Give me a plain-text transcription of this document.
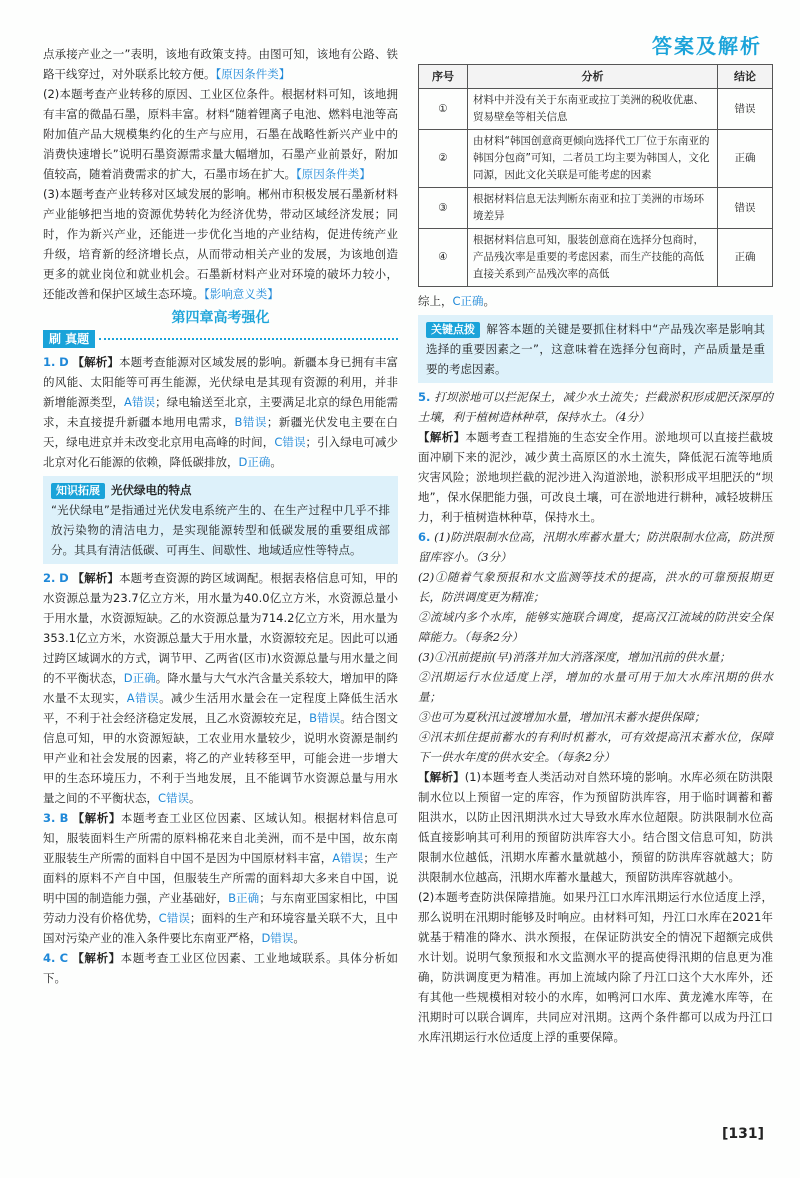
答案及解析

点承接产业之一”表明，该地有政策支持。由图可知，该地有公路、铁路干线穿过，对外联系比较方便。【原因条件类】

(2)本题考查产业转移的原因、工业区位条件。根据材料可知，该地拥有丰富的微晶石墨，原料丰富。材料“随着锂离子电池、燃料电池等高附加值产品大规模集约化的生产与应用，石墨在战略性新兴产业中的消费快速增长”说明石墨资源需求量大幅增加，石墨产业前景好，附加值较高，随着消费需求的扩大，石墨市场在扩大。【原因条件类】

(3)本题考查产业转移对区域发展的影响。郴州市积极发展石墨新材料产业能够把当地的资源优势转化为经济优势，带动区域经济发展；同时，作为新兴产业，还能进一步优化当地的产业结构，促进传统产业升级，培育新的经济增长点，从而带动相关产业的发展，为该地创造更多的就业岗位和就业机会。石墨新材料产业对环境的破坏力较小，还能改善和保护区域生态环境。【影响意义类】

第四章高考强化
刷 真题

1. D 【解析】本题考查能源对区域发展的影响。新疆本身已拥有丰富的风能、太阳能等可再生能源，光伏绿电是其现有资源的利用，并非新增能源类型，A错误；绿电输送至北京，主要满足北京的绿色用能需求，未直接提升新疆本地用电需求，B错误；新疆光伏发电主要在白天，绿电进京并未改变北京用电高峰的时间，C错误；引入绿电可减少北京对化石能源的依赖，降低碳排放，D正确。

知识拓展 光伏绿电的特点

“光伏绿电”是指通过光伏发电系统产生的、在生产过程中几乎不排放污染物的清洁电力，是实现能源转型和低碳发展的重要组成部分。其具有清洁低碳、可再生、间歇性、地域适应性等特点。

2. D 【解析】本题考查资源的跨区域调配。根据表格信息可知，甲的水资源总量为23.7亿立方米，用水量为40.0亿立方米，水资源总量小于用水量，水资源短缺。乙的水资源总量为714.2亿立方米，用水量为353.1亿立方米，水资源总量大于用水量，水资源较充足。因此可以通过跨区域调水的方式，调节甲、乙两省(区市)水资源总量与用水量之间的不平衡状态，D正确。降水量与大气水汽含量关系较大，增加甲的降水量不太现实，A错误。减少生活用水量会在一定程度上降低生活水平，不利于社会经济稳定发展，且乙水资源较充足，B错误。结合图文信息可知，甲的水资源短缺，工农业用水量较少，说明水资源是制约甲产业和社会发展的因素，将乙的产业转移至甲，可能会进一步增大甲的生态环境压力，不利于当地发展，且不能调节水资源总量与用水量之间的不平衡状态，C错误。

3. B 【解析】本题考查工业区位因素、区域认知。根据材料信息可知，服装面料生产所需的原料棉花来自北美洲，而不是中国，故东南亚服装生产所需的面料自中国不是因为中国原材料丰富，A错误；生产面料的原料不产自中国，但服装生产所需的面料却大多来自中国，说明中国的制造能力强，产业基础好，B正确；与东南亚国家相比，中国劳动力没有价格优势，C错误；面料的生产和环境容量关联不大，且中国对污染产业的准入条件要比东南亚严格，D错误。

4. C 【解析】本题考查工业区位因素、工业地域联系。具体分析如下。

序号	分析	结论
①	材料中并没有关于东南亚或拉丁美洲的税收优惠、贸易壁垒等相关信息	错误
②	由材料“韩国创意商更倾向选择代工厂位于东南亚的韩国分包商”可知，二者员工均主要为韩国人，文化同源，因此文化关联是可能考虑的因素	正确
③	根据材料信息无法判断东南亚和拉丁美洲的市场环境差异	错误
④	根据材料信息可知，服装创意商在选择分包商时，产品残次率是重要的考虑因素，而生产技能的高低直接关系到产品残次率的高低	正确

综上，C正确。

关键点拨 解答本题的关键是要抓住材料中“产品残次率是影响其选择的重要因素之一”，这意味着在选择分包商时，产品质量是重要的考虑因素。

5. 打坝淤地可以拦泥保土，减少水土流失；拦截淤积形成肥沃深厚的土壤，利于植树造林种草，保持水土。（4分）

【解析】本题考查工程措施的生态安全作用。淤地坝可以直接拦截坡面冲刷下来的泥沙，减少黄土高原区的水土流失，降低泥石流等地质灾害风险；淤地坝拦截的泥沙进入沟道淤地，淤积形成平坦肥沃的“坝地”，保水保肥能力强，可改良土壤，可在淤地进行耕种，减轻坡耕压力，利于植树造林种草，保持水土。

6. (1)防洪限制水位高，汛期水库蓄水量大；防洪限制水位高，防洪预留库容小。（3分）

(2)①随着气象预报和水文监测等技术的提高，洪水的可靠预报期更长，防洪调度更为精准；

②流域内多个水库，能够实施联合调度，提高汉江流域的防洪安全保障能力。（每条2分）

(3)①汛前提前(早)消落并加大消落深度，增加汛前的供水量；

②汛期运行水位适度上浮，增加的水量可用于加大水库汛期的供水量；

③也可为夏秋汛过渡增加水量，增加汛末蓄水提供保障；

④汛末抓住提前蓄水的有利时机蓄水，可有效提高汛末蓄水位，保障下一供水年度的供水安全。（每条2分）

【解析】(1)本题考查人类活动对自然环境的影响。水库必须在防洪限制水位以上预留一定的库容，作为预留防洪库容，用于临时调蓄和蓄阻洪水，以防止因汛期洪水过大导致水库水位超限。防洪限制水位高低直接影响其可利用的预留防洪库容大小。结合图文信息可知，防洪限制水位越低，汛期水库蓄水量就越小，预留的防洪库容就越大；防洪限制水位越高，汛期水库蓄水量越大，预留防洪库容就越小。

(2)本题考查防洪保障措施。如果丹江口水库汛期运行水位适度上浮，那么说明在汛期时能够及时响应。由材料可知，丹江口水库在2021年就基于精准的降水、洪水预报，在保证防洪安全的情况下超额完成供水计划。说明气象预报和水文监测水平的提高使得汛期的信息更为准确，防洪调度更为精准。再加上流域内除了丹江口这个大水库外，还有其他一些规模相对较小的水库，如鸭河口水库、黄龙滩水库等，在汛期时可以联合调库，共同应对汛期。这两个条件都可以成为丹江口水库汛期运行水位适度上浮的重要保障。

[131]
